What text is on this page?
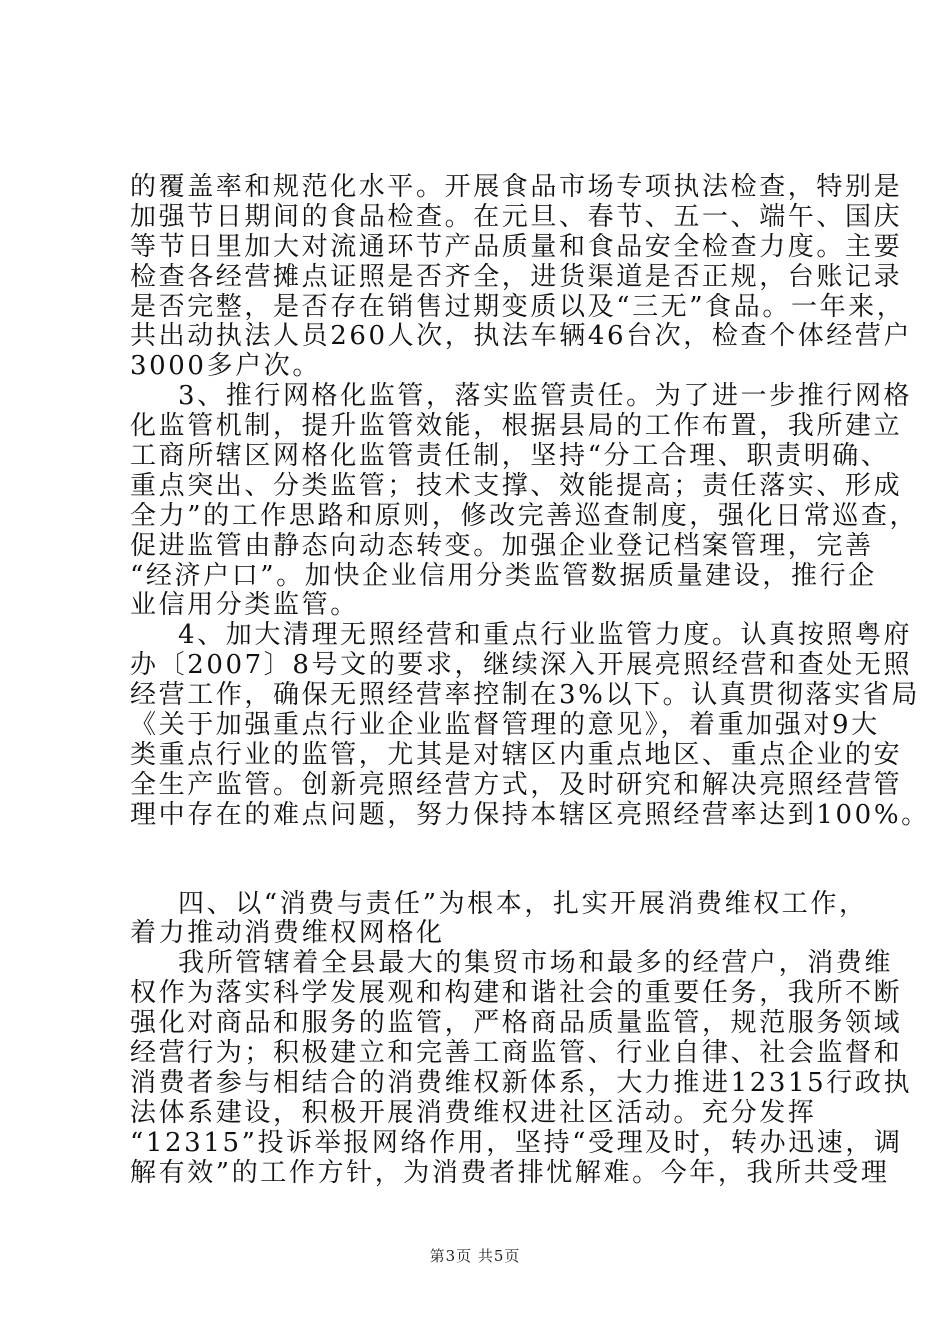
的覆盖率和规范化水平。开展食品市场专项执法检查，特别是
加强节日期间的食品检查。在元旦、春节、五一、端午、国庆
等节日里加大对流通环节产品质量和食品安全检查力度。主要
检查各经营摊点证照是否齐全，进货渠道是否正规，台账记录
是否完整，是否存在销售过期变质以及“三无”食品。一年来，
共出动执法人员260人次，执法车辆46台次，检查个体经营户
3000多户次。
3、推行网格化监管，落实监管责任。为了进一步推行网格
化监管机制，提升监管效能，根据县局的工作布置，我所建立
工商所辖区网格化监管责任制，坚持“分工合理、职责明确、
重点突出、分类监管；技术支撑、效能提高；责任落实、形成
全力”的工作思路和原则，修改完善巡查制度，强化日常巡查，
促进监管由静态向动态转变。加强企业登记档案管理，完善
“经济户口”。加快企业信用分类监管数据质量建设，推行企
业信用分类监管。
4、加大清理无照经营和重点行业监管力度。认真按照粤府
办〔2007〕8号文的要求，继续深入开展亮照经营和查处无照
经营工作，确保无照经营率控制在3%以下。认真贯彻落实省局
《关于加强重点行业企业监督管理的意见》，着重加强对9大
类重点行业的监管，尤其是对辖区内重点地区、重点企业的安
全生产监管。创新亮照经营方式，及时研究和解决亮照经营管
理中存在的难点问题，努力保持本辖区亮照经营率达到100%。
四、以“消费与责任”为根本，扎实开展消费维权工作，
着力推动消费维权网格化
我所管辖着全县最大的集贸市场和最多的经营户，消费维
权作为落实科学发展观和构建和谐社会的重要任务，我所不断
强化对商品和服务的监管，严格商品质量监管，规范服务领域
经营行为；积极建立和完善工商监管、行业自律、社会监督和
消费者参与相结合的消费维权新体系，大力推进12315行政执
法体系建设，积极开展消费维权进社区活动。充分发挥
“12315”投诉举报网络作用，坚持“受理及时，转办迅速，调
解有效”的工作方针，为消费者排忧解难。今年，我所共受理
第3页 共5页
